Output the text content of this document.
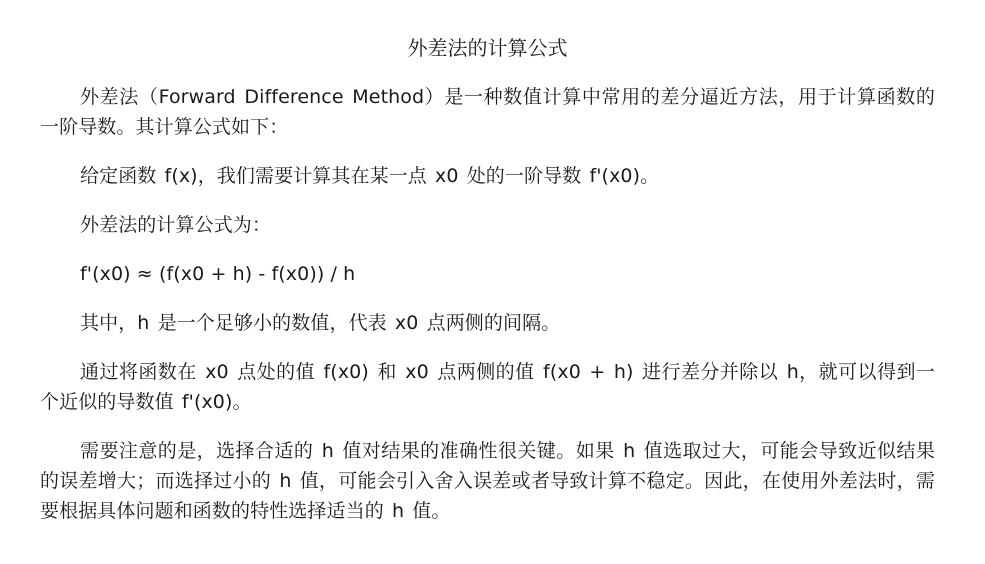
外差法的计算公式

外差法（Forward Difference Method）是一种数值计算中常用的差分逼近方法，用于计算函数的一阶导数。其计算公式如下：

给定函数 f(x)，我们需要计算其在某一点 x0 处的一阶导数 f'(x0)。

外差法的计算公式为：

f'(x0) ≈ (f(x0 + h) - f(x0)) / h

其中，h 是一个足够小的数值，代表 x0 点两侧的间隔。

通过将函数在 x0 点处的值 f(x0) 和 x0 点两侧的值 f(x0 + h) 进行差分并除以 h，就可以得到一个近似的导数值 f'(x0)。

需要注意的是，选择合适的 h 值对结果的准确性很关键。如果 h 值选取过大，可能会导致近似结果的误差增大；而选择过小的 h 值，可能会引入舍入误差或者导致计算不稳定。因此，在使用外差法时，需要根据具体问题和函数的特性选择适当的 h 值。
